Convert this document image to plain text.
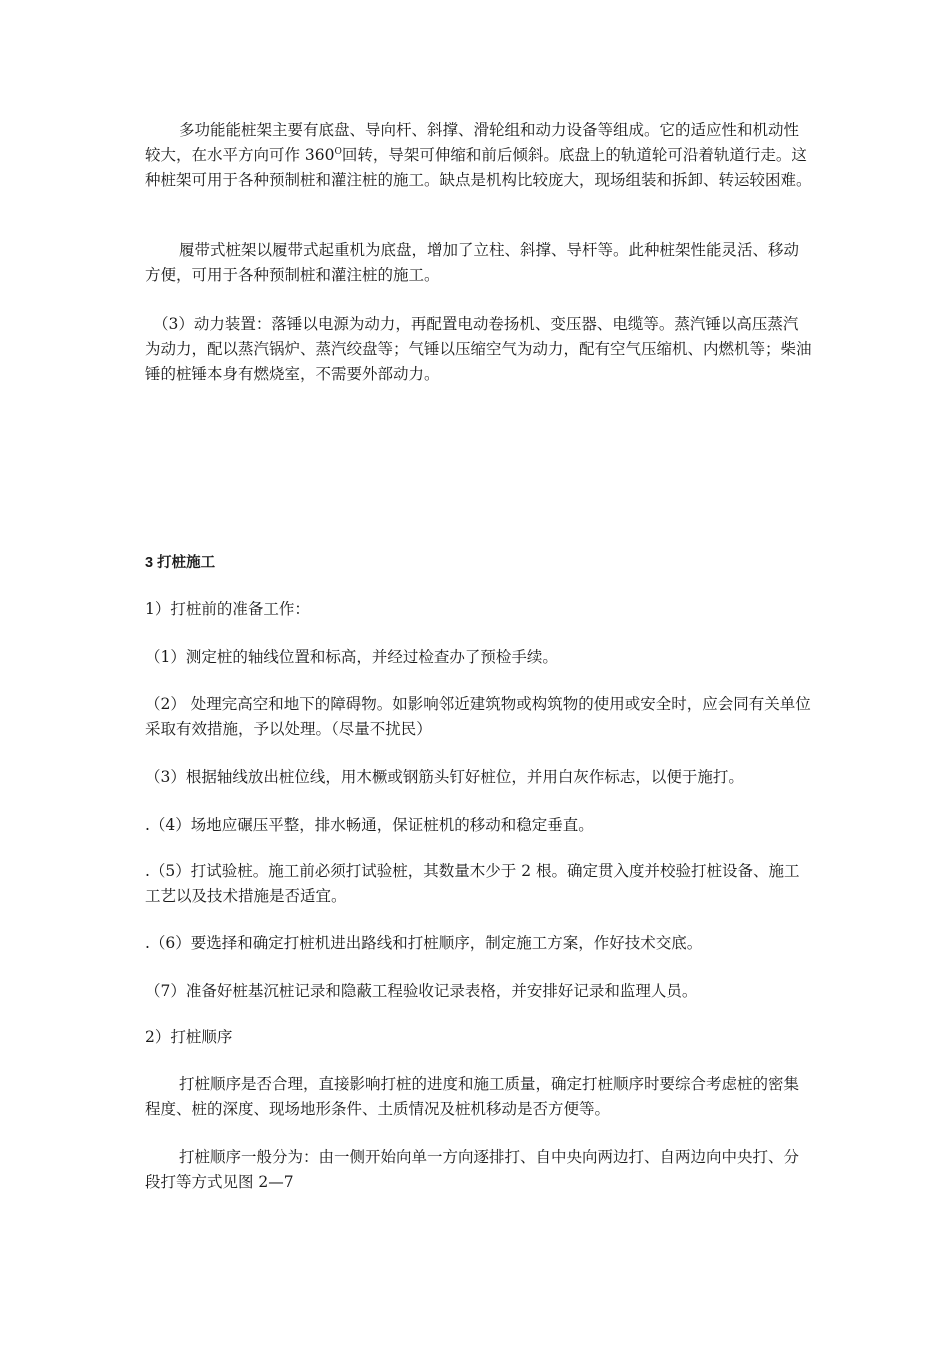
多功能能桩架主要有底盘、导向杆、斜撑、滑轮组和动力设备等组成。它的适应性和机动性较大，在水平方向可作 $360^O$回转，导架可伸缩和前后倾斜。底盘上的轨道轮可沿着轨道行走。这种桩架可用于各种预制桩和灌注桩的施工。缺点是机构比较庞大，现场组装和拆卸、转运较困难。

履带式桩架以履带式起重机为底盘，增加了立柱、斜撑、导杆等。此种桩架性能灵活、移动方便，可用于各种预制桩和灌注桩的施工。

（3）动力装置：落锤以电源为动力，再配置电动卷扬机、变压器、电缆等。蒸汽锤以高压蒸汽为动力，配以蒸汽锅炉、蒸汽绞盘等；气锤以压缩空气为动力，配有空气压缩机、内燃机等；柴油锤的桩锤本身有燃烧室，不需要外部动力。

3 打桩施工

1）打桩前的准备工作：

（1）测定桩的轴线位置和标高，并经过检查办了预检手续。

（2） 处理完高空和地下的障碍物。如影响邻近建筑物或构筑物的使用或安全时，应会同有关单位采取有效措施，予以处理。（尽量不扰民）

（3）根据轴线放出桩位线，用木橛或钢筋头钉好桩位，并用白灰作标志，以便于施打。

.（4）场地应碾压平整，排水畅通，保证桩机的移动和稳定垂直。

.（5）打试验桩。施工前必须打试验桩，其数量木少于 2 根。确定贯入度并校验打桩设备、施工工艺以及技术措施是否适宜。

.（6）要选择和确定打桩机进出路线和打桩顺序，制定施工方案，作好技术交底。

（7）准备好桩基沉桩记录和隐蔽工程验收记录表格，并安排好记录和监理人员。

2）打桩顺序

打桩顺序是否合理，直接影响打桩的进度和施工质量，确定打桩顺序时要综合考虑桩的密集程度、桩的深度、现场地形条件、土质情况及桩机移动是否方便等。

打桩顺序一般分为：由一侧开始向单一方向逐排打、自中央向两边打、自两边向中央打、分段打等方式见图 2—7
